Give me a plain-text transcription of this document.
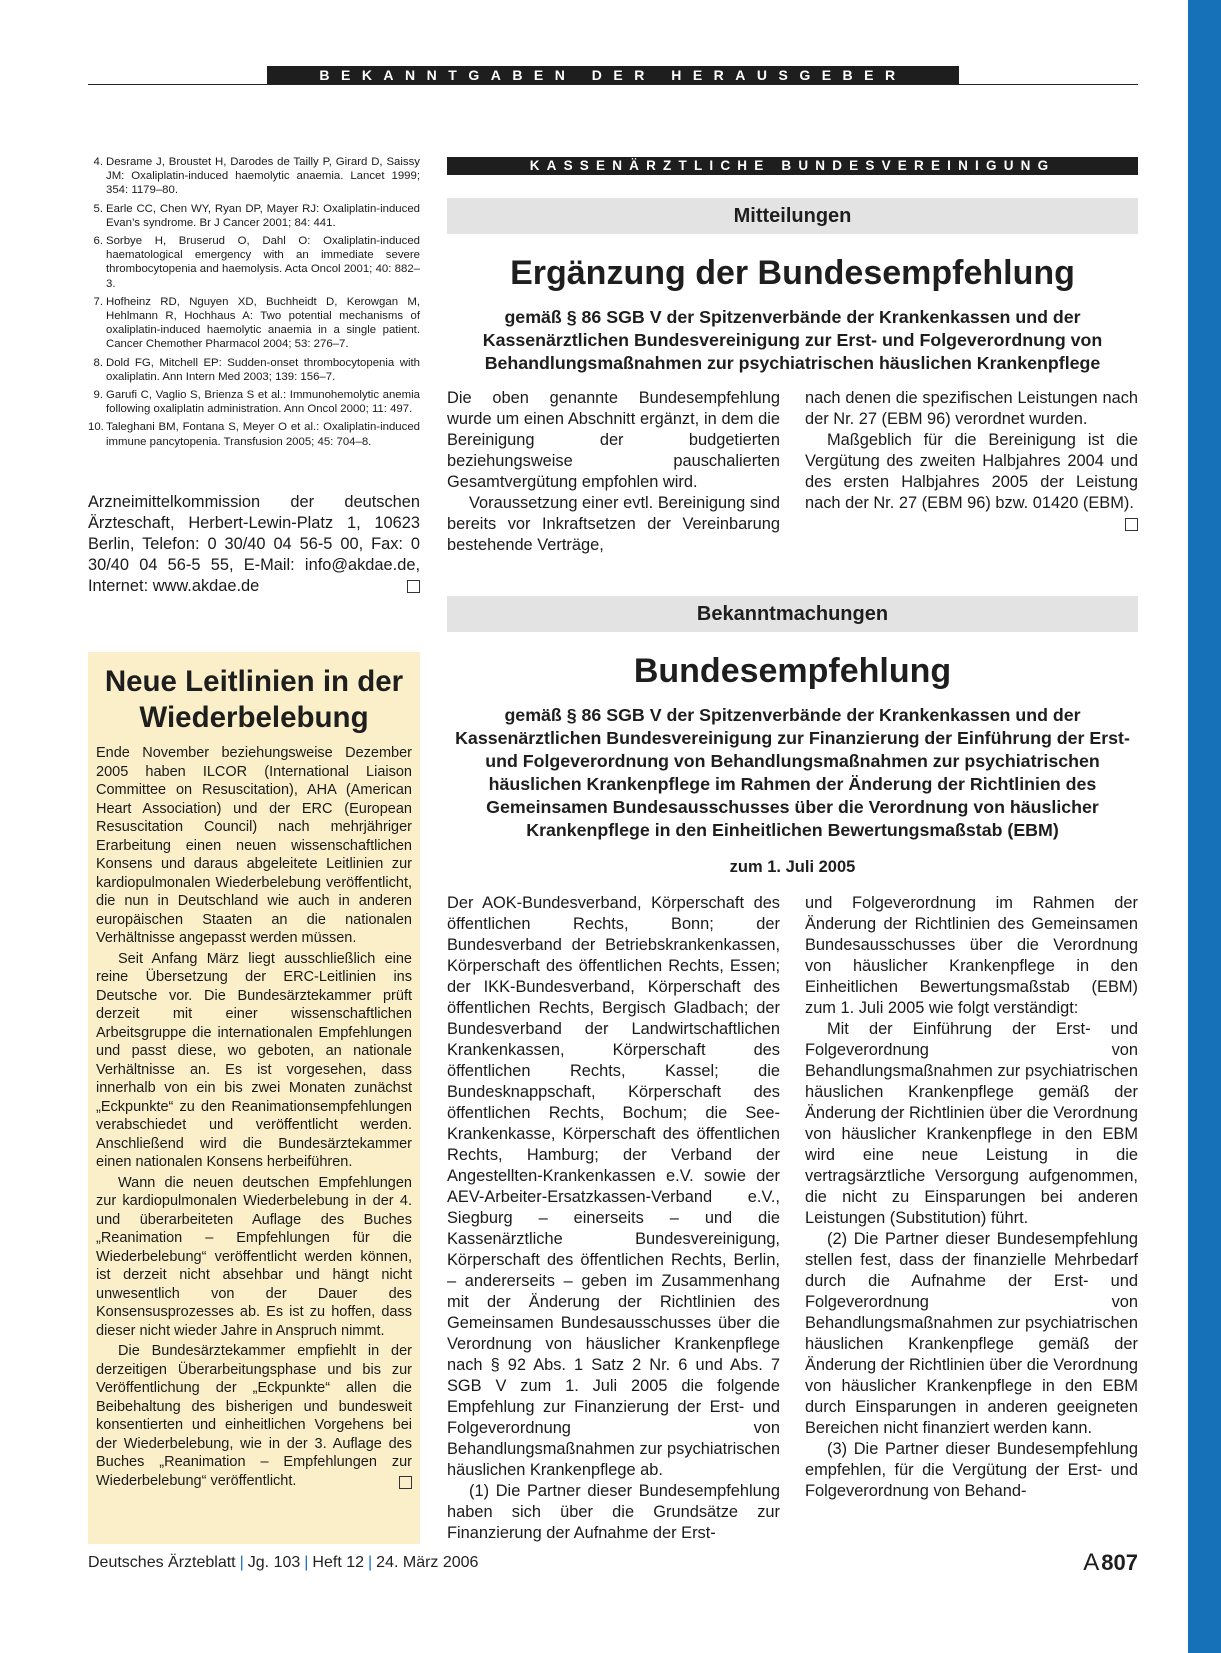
BEKANNTGABEN DER HERAUSGEBER
4. Desrame J, Broustet H, Darodes de Tailly P, Girard D, Saissy JM: Oxaliplatin-induced haemolytic anaemia. Lancet 1999; 354: 1179–80.
5. Earle CC, Chen WY, Ryan DP, Mayer RJ: Oxaliplatin-induced Evan’s syndrome. Br J Cancer 2001; 84: 441.
6. Sorbye H, Bruserud O, Dahl O: Oxaliplatin-induced haematological emergency with an immediate severe thrombocytopenia and haemolysis. Acta Oncol 2001; 40: 882–3.
7. Hofheinz RD, Nguyen XD, Buchheidt D, Kerowgan M, Hehlmann R, Hochhaus A: Two potential mechanisms of oxaliplatin-induced haemolytic anaemia in a single patient. Cancer Chemother Pharmacol 2004; 53: 276–7.
8. Dold FG, Mitchell EP: Sudden-onset thrombocytopenia with oxaliplatin. Ann Intern Med 2003; 139: 156–7.
9. Garufi C, Vaglio S, Brienza S et al.: Immunohemolytic anemia following oxaliplatin administration. Ann Oncol 2000; 11: 497.
10. Taleghani BM, Fontana S, Meyer O et al.: Oxaliplatin-induced immune pancytopenia. Transfusion 2005; 45: 704–8.
Arzneimittelkommission der deutschen Ärzteschaft, Herbert-Lewin-Platz 1, 10623 Berlin, Telefon: 0 30/40 04 56-5 00, Fax: 0 30/40 04 56-5 55, E-Mail: info@akdae.de, Internet: www.akdae.de
Neue Leitlinien in der
Wiederbelebung

Ende November beziehungsweise Dezember 2005 haben ILCOR (International Liaison Committee on Resuscitation), AHA (American Heart Association) und der ERC (European Resuscitation Council) nach mehrjähriger Erarbeitung einen neuen wissenschaftlichen Konsens und daraus abgeleitete Leitlinien zur kardiopulmonalen Wiederbelebung veröffentlicht, die nun in Deutschland wie auch in anderen europäischen Staaten an die nationalen Verhältnisse angepasst werden müssen.

Seit Anfang März liegt ausschließlich eine reine Übersetzung der ERC-Leitlinien ins Deutsche vor. Die Bundesärztekammer prüft derzeit mit einer wissenschaftlichen Arbeitsgruppe die internationalen Empfehlungen und passt diese, wo geboten, an nationale Verhältnisse an. Es ist vorgesehen, dass innerhalb von ein bis zwei Monaten zunächst „Eckpunkte“ zu den Reanimationsempfehlungen verabschiedet und veröffentlicht werden. Anschließend wird die Bundesärztekammer einen nationalen Konsens herbeiführen.

Wann die neuen deutschen Empfehlungen zur kardiopulmonalen Wiederbelebung in der 4. und überarbeiteten Auflage des Buches „Reanimation – Empfehlungen für die Wiederbelebung“ veröffentlicht werden können, ist derzeit nicht absehbar und hängt nicht unwesentlich von der Dauer des Konsensusprozesses ab. Es ist zu hoffen, dass dieser nicht wieder Jahre in Anspruch nimmt.

Die Bundesärztekammer empfiehlt in der derzeitigen Überarbeitungsphase und bis zur Veröffentlichung der „Eckpunkte“ allen die Beibehaltung des bisherigen und bundesweit konsentierten und einheitlichen Vorgehens bei der Wiederbelebung, wie in der 3. Auflage des Buches „Reanimation – Empfehlungen zur Wiederbelebung“ veröffentlicht.

KASSENÄRZTLICHE BUNDESVEREINIGUNG
Mitteilungen
Ergänzung der Bundesempfehlung
gemäß § 86 SGB V der Spitzenverbände der Krankenkassen und der Kassenärztlichen Bundesvereinigung zur Erst- und Folgeverordnung von Behandlungsmaßnahmen zur psychiatrischen häuslichen Krankenpflege

Die oben genannte Bundesempfehlung wurde um einen Abschnitt ergänzt, in dem die Bereinigung der budgetierten beziehungsweise pauschalierten Gesamtvergütung empfohlen wird.

Voraussetzung einer evtl. Bereinigung sind bereits vor Inkraftsetzen der Vereinbarung bestehende Verträge,

nach denen die spezifischen Leistungen nach der Nr. 27 (EBM 96) verordnet wurden.

Maßgeblich für die Bereinigung ist die Vergütung des zweiten Halbjahres 2004 und des ersten Halbjahres 2005 der Leistung nach der Nr. 27 (EBM 96) bzw. 01420 (EBM).

Bekanntmachungen
Bundesempfehlung
gemäß § 86 SGB V der Spitzenverbände der Krankenkassen und der Kassenärztlichen Bundesvereinigung zur Finanzierung der Einführung der Erst- und Folgeverordnung von Behandlungsmaßnahmen zur psychiatrischen häuslichen Krankenpflege im Rahmen der Änderung der Richtlinien des Gemeinsamen Bundesausschusses über die Verordnung von häuslicher Krankenpflege in den Einheitlichen Bewertungsmaßstab (EBM)
zum 1. Juli 2005

Der AOK-Bundesverband, Körperschaft des öffentlichen Rechts, Bonn; der Bundesverband der Betriebskrankenkassen, Körperschaft des öffentlichen Rechts, Essen; der IKK-Bundesverband, Körperschaft des öffentlichen Rechts, Bergisch Gladbach; der Bundesverband der Landwirtschaftlichen Krankenkassen, Körperschaft des öffentlichen Rechts, Kassel; die Bundesknappschaft, Körperschaft des öffentlichen Rechts, Bochum; die See-Krankenkasse, Körperschaft des öffentlichen Rechts, Hamburg; der Verband der Angestellten-Krankenkassen e.V. sowie der AEV-Arbeiter-Ersatzkassen-Verband e.V., Siegburg – einerseits – und die Kassenärztliche Bundesvereinigung, Körperschaft des öffentlichen Rechts, Berlin, – andererseits – geben im Zusammenhang mit der Änderung der Richtlinien des Gemeinsamen Bundesausschusses über die Verordnung von häuslicher Krankenpflege nach § 92 Abs. 1 Satz 2 Nr. 6 und Abs. 7 SGB V zum 1. Juli 2005 die folgende Empfehlung zur Finanzierung der Erst- und Folgeverordnung von Behandlungsmaßnahmen zur psychiatrischen häuslichen Krankenpflege ab.

(1) Die Partner dieser Bundesempfehlung haben sich über die Grundsätze zur Finanzierung der Aufnahme der Erst-

und Folgeverordnung im Rahmen der Änderung der Richtlinien des Gemeinsamen Bundesausschusses über die Verordnung von häuslicher Krankenpflege in den Einheitlichen Bewertungsmaßstab (EBM) zum 1. Juli 2005 wie folgt verständigt:

Mit der Einführung der Erst- und Folgeverordnung von Behandlungsmaßnahmen zur psychiatrischen häuslichen Krankenpflege gemäß der Änderung der Richtlinien über die Verordnung von häuslicher Krankenpflege in den EBM wird eine neue Leistung in die vertragsärztliche Versorgung aufgenommen, die nicht zu Einsparungen bei anderen Leistungen (Substitution) führt.

(2) Die Partner dieser Bundesempfehlung stellen fest, dass der finanzielle Mehrbedarf durch die Aufnahme der Erst- und Folgeverordnung von Behandlungsmaßnahmen zur psychiatrischen häuslichen Krankenpflege gemäß der Änderung der Richtlinien über die Verordnung von häuslicher Krankenpflege in den EBM durch Einsparungen in anderen geeigneten Bereichen nicht finanziert werden kann.

(3) Die Partner dieser Bundesempfehlung empfehlen, für die Vergütung der Erst- und Folgeverordnung von Behand-

Deutsches Ärzteblatt | Jg. 103 | Heft 12 | 24. März 2006	A807
